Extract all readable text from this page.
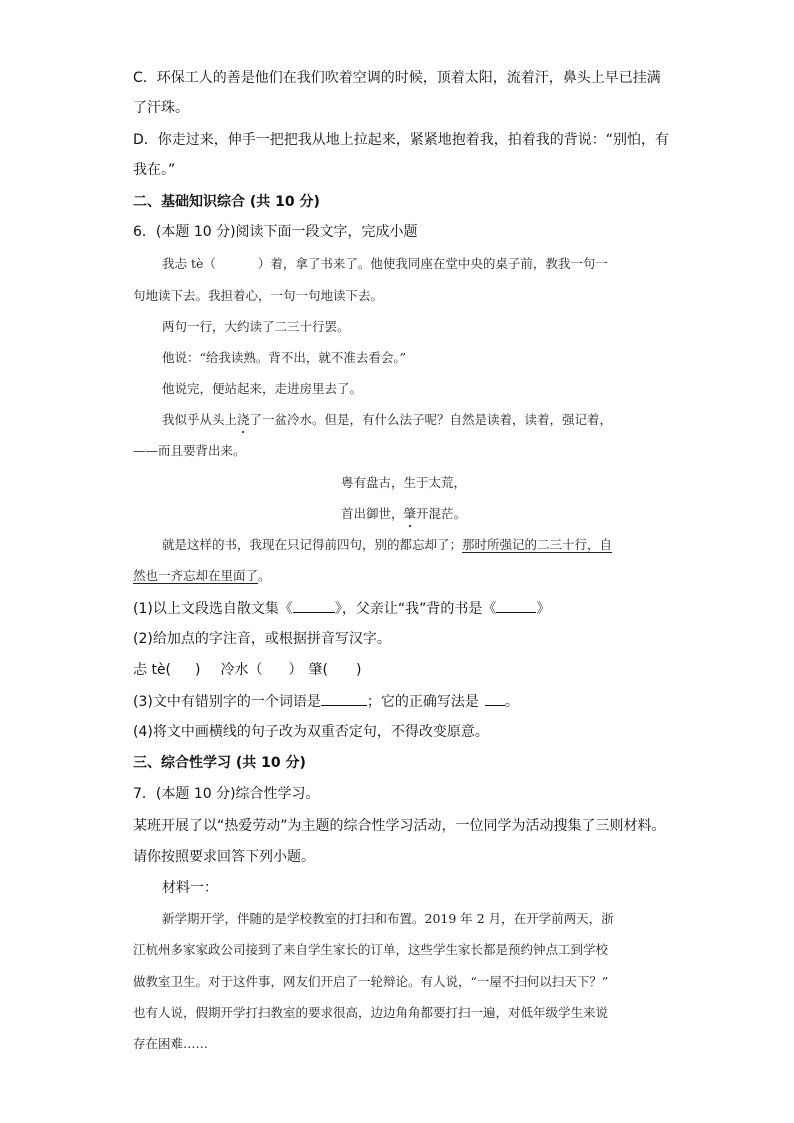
C．环保工人的善是他们在我们吹着空调的时候，顶着太阳，流着汗，鼻头上早已挂满
了汗珠。
D．你走过来，伸手一把把我从地上拉起来，紧紧地抱着我，拍着我的背说：“别怕，有
我在。”
二、基础知识综合 (共 10 分)
6．(本题 10 分)阅读下面一段文字，完成小题
我忐 tè（	）着，拿了书来了。他使我同座在堂中央的桌子前，教我一句一
句地读下去。我担着心，一句一句地读下去。
两句一行，大约读了二三十行罢。
他说：“给我读熟。背不出，就不准去看会。”
他说完，便站起来，走进房里去了。
我似乎从头上浇了一盆冷水。但是，有什么法子呢？自然是读着，读着，强记着，
——而且要背出来。
粤有盘古，生于太荒，
首出御世，肇开混茫。
就是这样的书，我现在只记得前四句，别的都忘却了；那时所强记的二三十行，自
然也一齐忘却在里面了。
(1)以上文段选自散文集《	》，父亲让“我”背的书是《	》
(2)给加点的字注音，或根据拼音写汉字。
忐 tè( ) 冷水（ ） 肇( )
(3)文中有错别字的一个词语是	；它的正确写法是 。
(4)将文中画横线的句子改为双重否定句，不得改变原意。
三、综合性学习 (共 10 分)
7．(本题 10 分)综合性学习。
某班开展了以“热爱劳动”为主题的综合性学习活动，一位同学为活动搜集了三则材料。
请你按照要求回答下列小题。
材料一：
新学期开学，伴随的是学校教室的打扫和布置。2019 年 2 月，在开学前两天，浙
江杭州多家家政公司接到了来自学生家长的订单，这些学生家长都是预约钟点工到学校
做教室卫生。对于这件事，网友们开启了一轮辩论。有人说，“一屋不扫何以扫天下？”
也有人说，假期开学打扫教室的要求很高，边边角角都要打扫一遍，对低年级学生来说
存在困难……
